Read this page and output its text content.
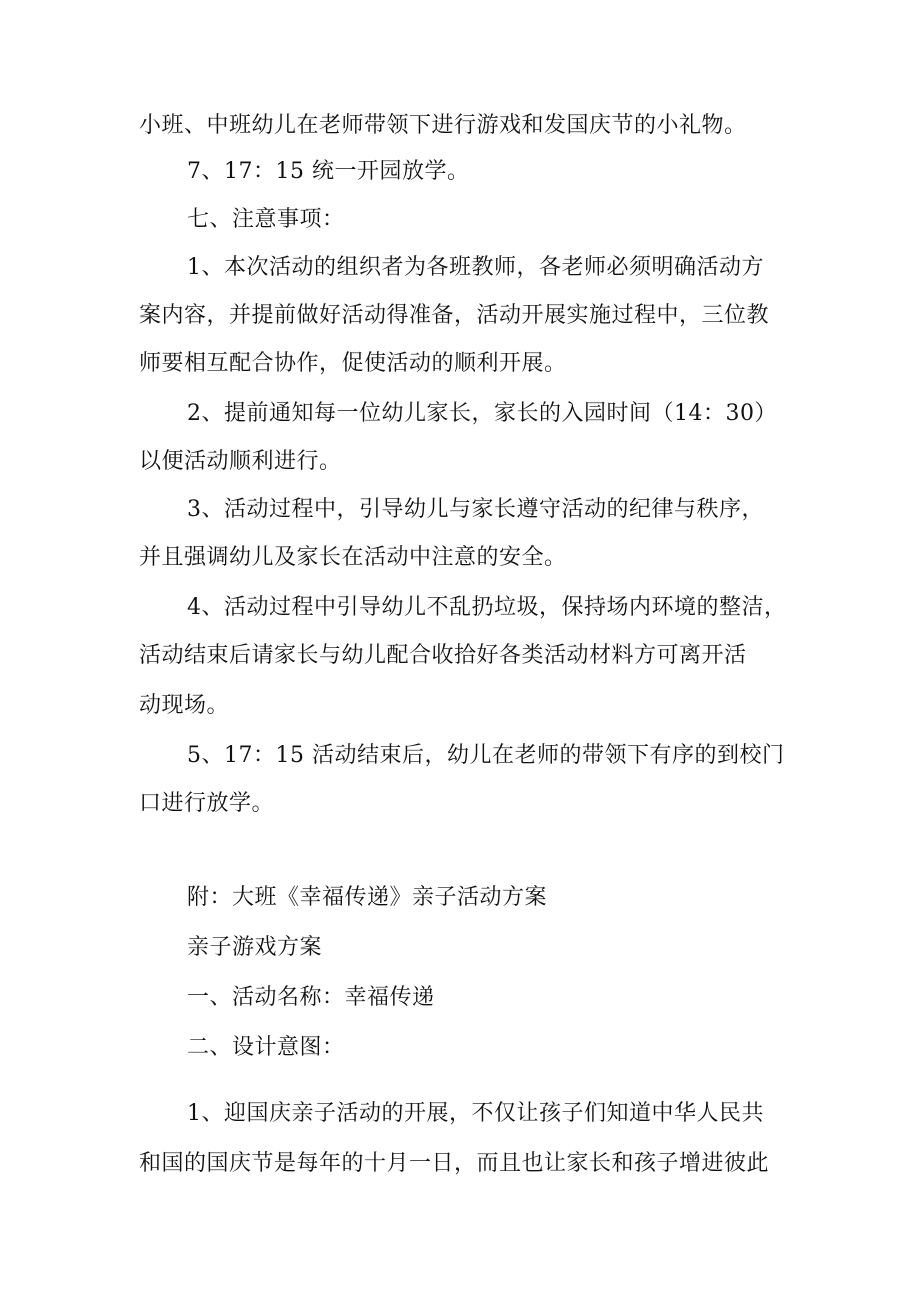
小班、中班幼儿在老师带领下进行游戏和发国庆节的小礼物。
7、17：15 统一开园放学。
七、注意事项：
1、本次活动的组织者为各班教师，各老师必须明确活动方
案内容，并提前做好活动得准备，活动开展实施过程中，三位教
师要相互配合协作，促使活动的顺利开展。
2、提前通知每一位幼儿家长，家长的入园时间（14：30）
以便活动顺利进行。
3、活动过程中，引导幼儿与家长遵守活动的纪律与秩序，
并且强调幼儿及家长在活动中注意的安全。
4、活动过程中引导幼儿不乱扔垃圾，保持场内环境的整洁，
活动结束后请家长与幼儿配合收拾好各类活动材料方可离开活
动现场。
5、17：15 活动结束后，幼儿在老师的带领下有序的到校门
口进行放学。
附：大班《幸福传递》亲子活动方案
亲子游戏方案
一、活动名称：幸福传递
二、设计意图：
1、迎国庆亲子活动的开展，不仅让孩子们知道中华人民共
和国的国庆节是每年的十月一日，而且也让家长和孩子增进彼此
